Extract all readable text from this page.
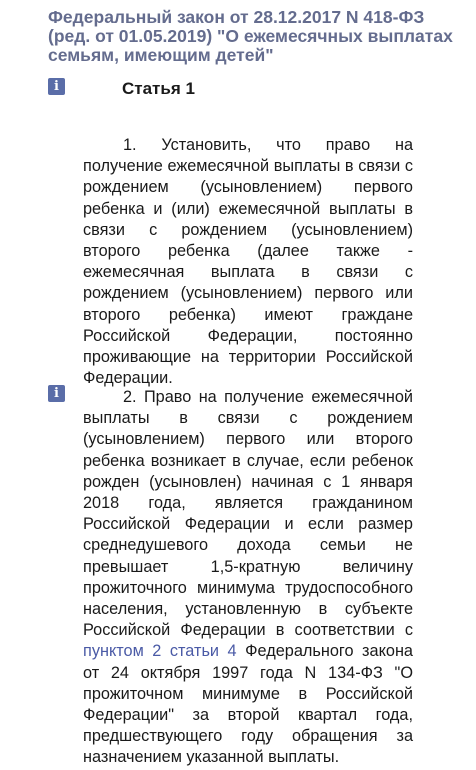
Федеральный закон от 28.12.2017 N 418-ФЗ (ред. от 01.05.2019) "О ежемесячных выплатах семьям, имеющим детей"
i	Статья 1

1. Установить, что право на получение ежемесячной выплаты в связи с рождением (усыновлением) первого ребенка и (или) ежемесячной выплаты в связи с рождением (усыновлением) второго ребенка (далее также - ежемесячная выплата в связи с рождением (усыновлением) первого или второго ребенка) имеют граждане Российской Федерации, постоянно проживающие на территории Российской Федерации.

i	2. Право на получение ежемесячной выплаты в связи с рождением (усыновлением) первого или второго ребенка возникает в случае, если ребенок рожден (усыновлен) начиная с 1 января 2018 года, является гражданином Российской Федерации и если размер среднедушевого дохода семьи не превышает 1,5-кратную величину прожиточного минимума трудоспособного населения, установленную в субъекте Российской Федерации в соответствии с пунктом 2 статьи 4 Федерального закона от 24 октября 1997 года N 134-ФЗ "О прожиточном минимуме в Российской Федерации" за второй квартал года, предшествующего году обращения за назначением указанной выплаты.
